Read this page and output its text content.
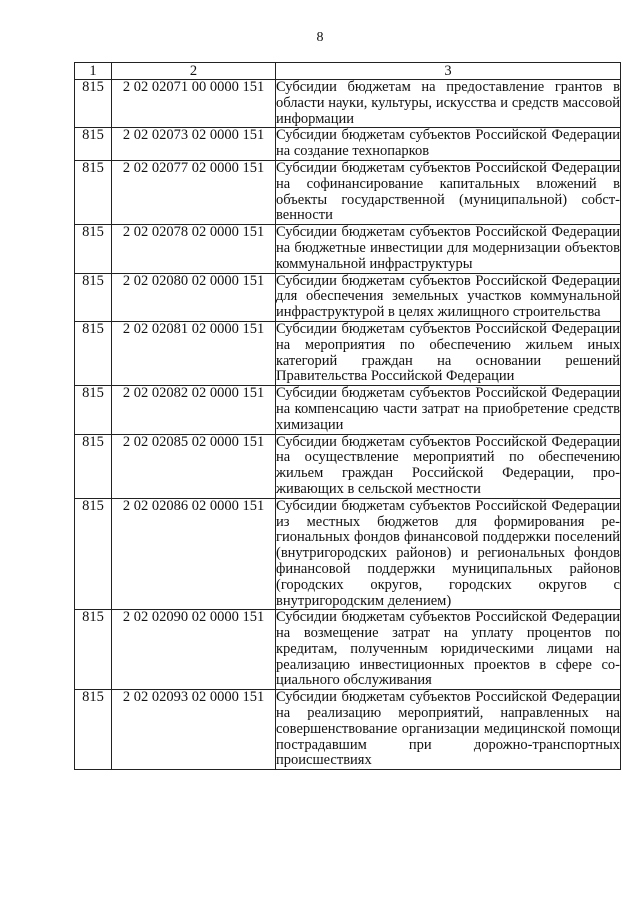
8
1	2	3
815	2 02 02071 00 0000 151	Субсидии бюджетам на предоставление грантов в области науки, культуры, искусства и средств массовой информации
815	2 02 02073 02 0000 151	Субсидии бюджетам субъектов Российской Федерации на создание технопарков
815	2 02 02077 02 0000 151	Субсидии бюджетам субъектов Российской Федерации на софинансирование капитальных вложений в объекты государственной (муниципальной) собственности
815	2 02 02078 02 0000 151	Субсидии бюджетам субъектов Российской Федерации на бюджетные инвестиции для модернизации объектов коммунальной инфраструктуры
815	2 02 02080 02 0000 151	Субсидии бюджетам субъектов Российской Федерации для обеспечения земельных участков коммунальной инфраструктурой в целях жилищного строительства
815	2 02 02081 02 0000 151	Субсидии бюджетам субъектов Российской Федерации на мероприятия по обеспечению жильем иных категорий граждан на основании решений Правительства Российской Федерации
815	2 02 02082 02 0000 151	Субсидии бюджетам субъектов Российской Федерации на компенсацию части затрат на приобретение средств химизации
815	2 02 02085 02 0000 151	Субсидии бюджетам субъектов Российской Федерации на осуществление мероприятий по обеспечению жильем граждан Российской Федерации, проживающих в сельской местности
815	2 02 02086 02 0000 151	Субсидии бюджетам субъектов Российской Федерации из местных бюджетов для формирования региональных фондов финансовой поддержки поселений (внутригородских районов) и региональных фондов финансовой поддержки муниципальных районов (городских округов, городских округов с внутригородским делением)
815	2 02 02090 02 0000 151	Субсидии бюджетам субъектов Российской Федерации на возмещение затрат на уплату процентов по кредитам, полученным юридическими лицами на реализацию инвестиционных проектов в сфере социального обслуживания
815	2 02 02093 02 0000 151	Субсидии бюджетам субъектов Российской Федерации на реализацию мероприятий, направленных на совершенствование организации медицинской помощи пострадавшим при дорожно-транспортных происшествиях
